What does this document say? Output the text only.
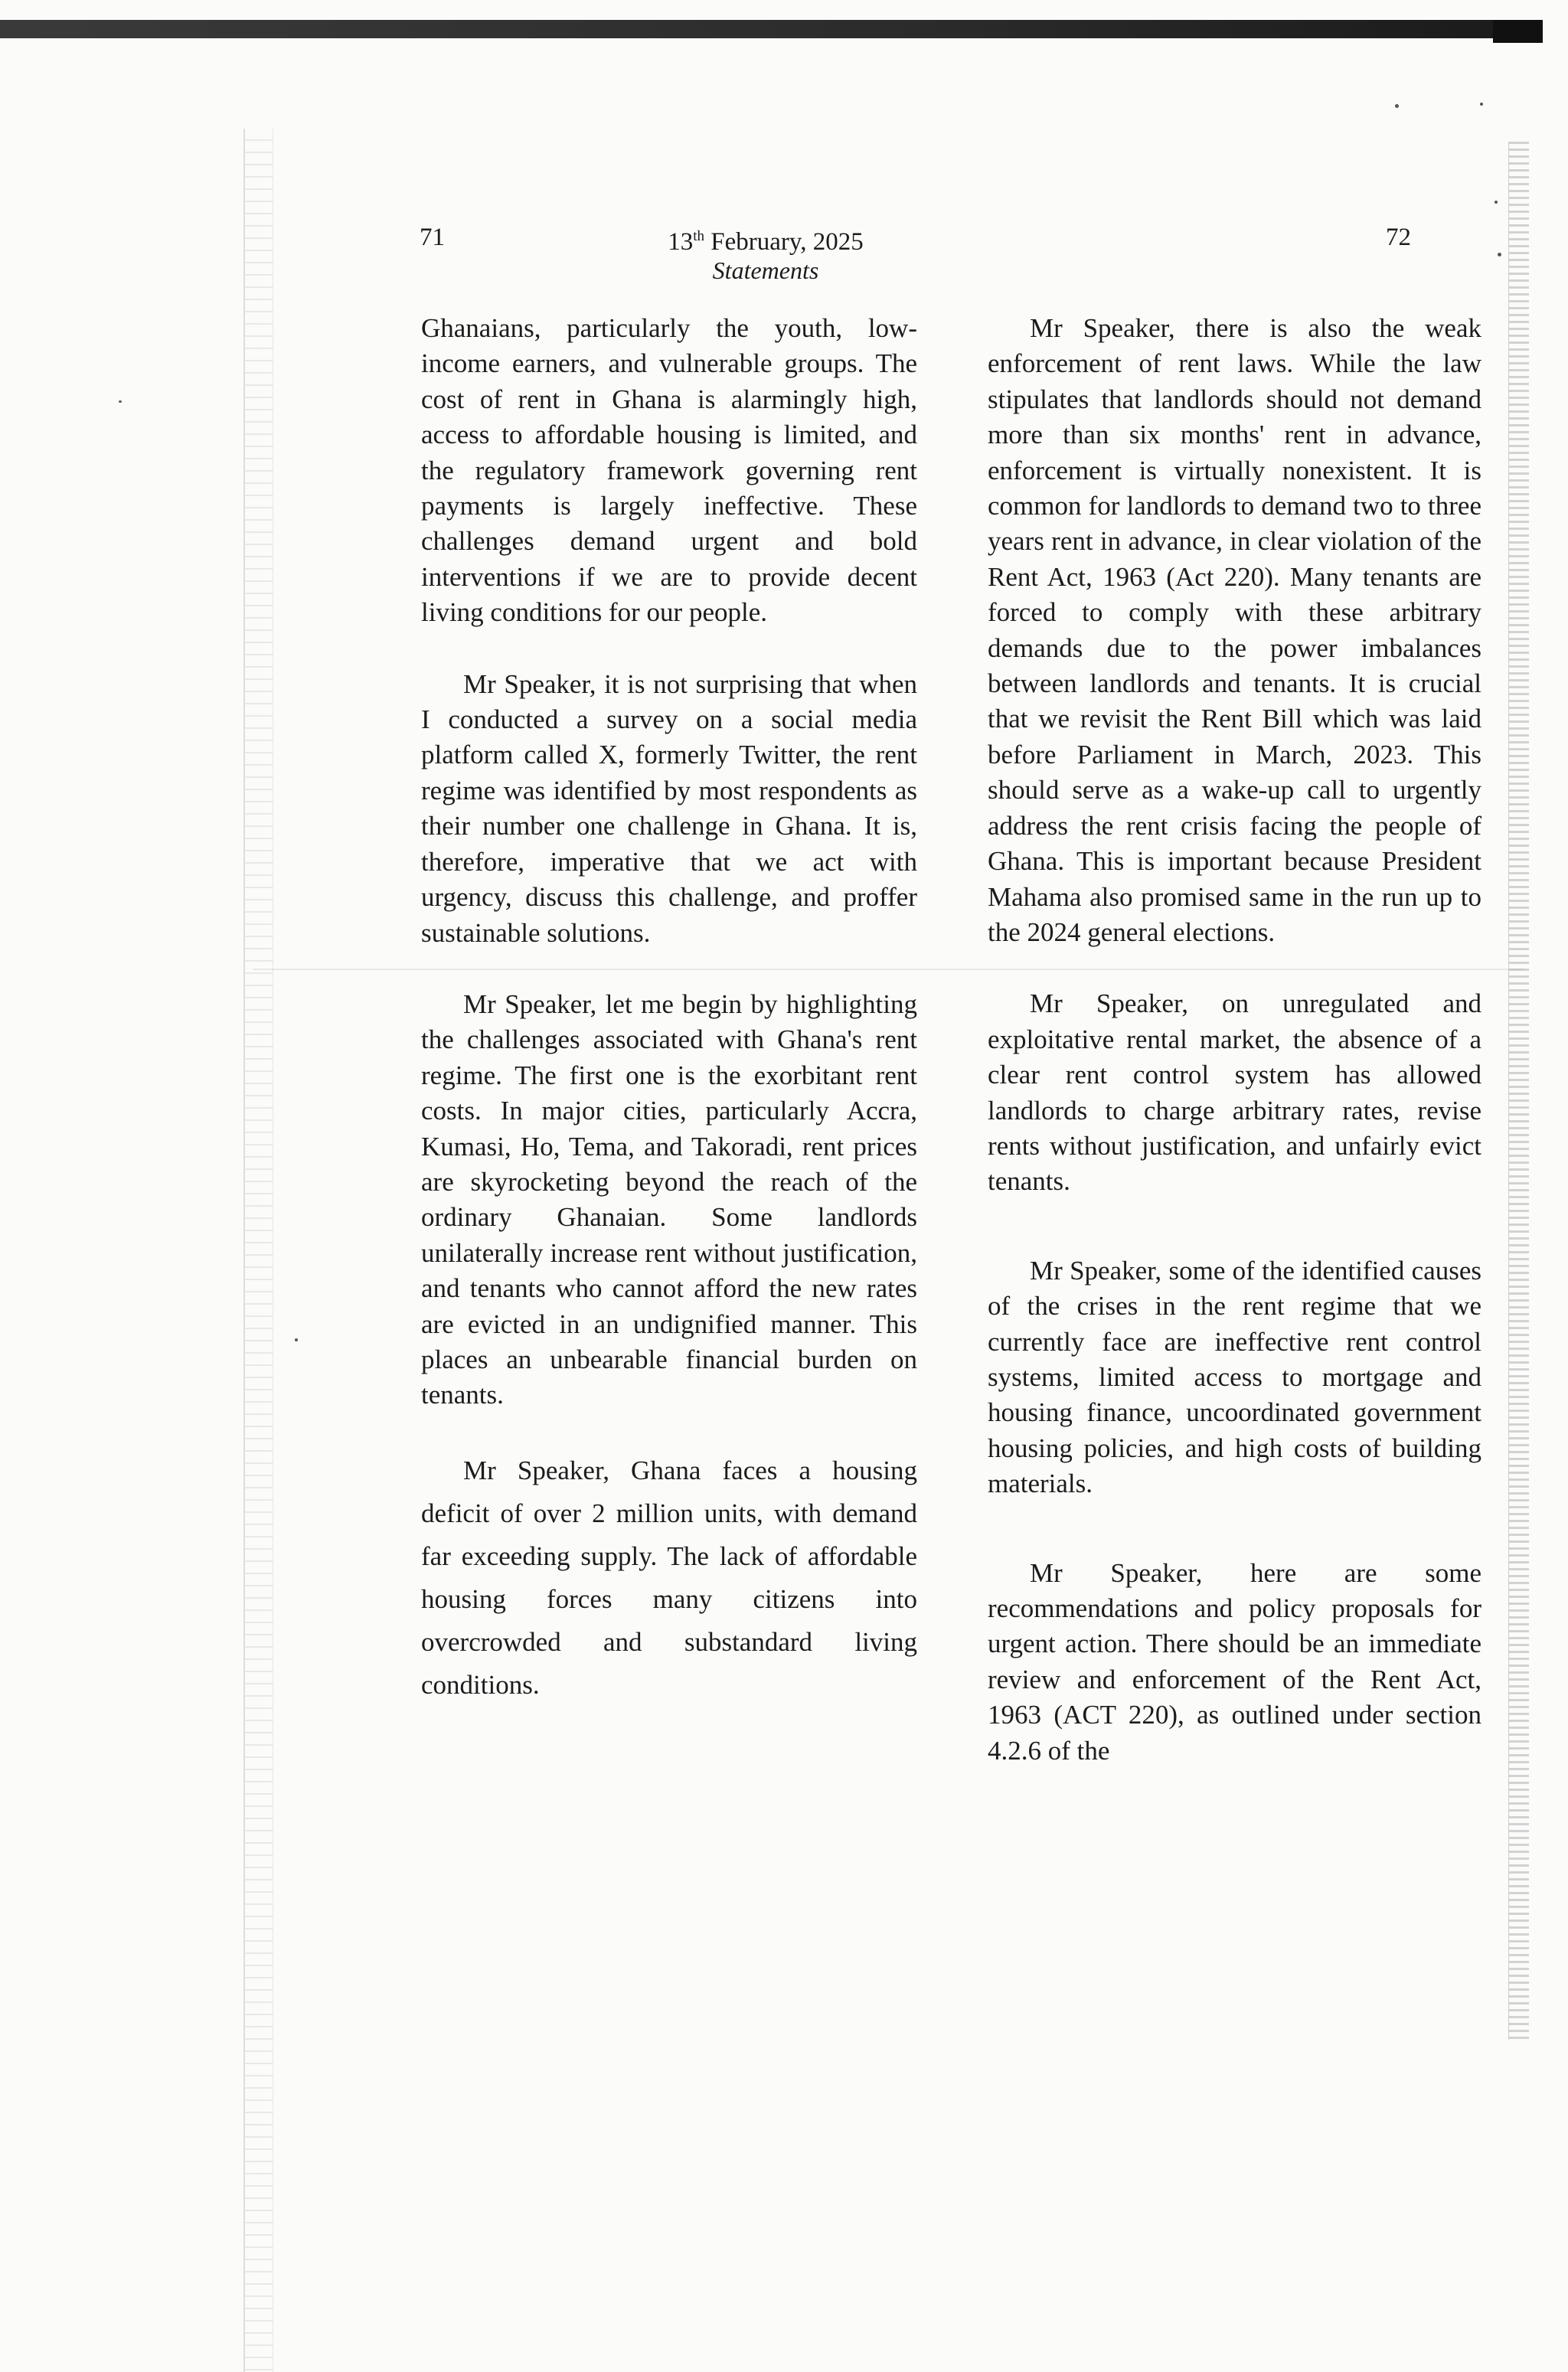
71	13th February, 2025
Statements
72

Ghanaians, particularly the youth, low-income earners, and vulnerable groups. The cost of rent in Ghana is alarmingly high, access to affordable housing is limited, and the regulatory framework governing rent payments is largely ineffective. These challenges demand urgent and bold interventions if we are to provide decent living conditions for our people.

Mr Speaker, it is not surprising that when I conducted a survey on a social media platform called X, formerly Twitter, the rent regime was identified by most respondents as their number one challenge in Ghana. It is, therefore, imperative that we act with urgency, discuss this challenge, and proffer sustainable solutions.

Mr Speaker, let me begin by highlighting the challenges associated with Ghana's rent regime. The first one is the exorbitant rent costs. In major cities, particularly Accra, Kumasi, Ho, Tema, and Takoradi, rent prices are skyrocketing beyond the reach of the ordinary Ghanaian. Some landlords unilaterally increase rent without justification, and tenants who cannot afford the new rates are evicted in an undignified manner. This places an unbearable financial burden on tenants.

Mr Speaker, Ghana faces a housing deficit of over 2 million units, with demand far exceeding supply. The lack of affordable housing forces many citizens into overcrowded and substandard living conditions.

Mr Speaker, there is also the weak enforcement of rent laws. While the law stipulates that landlords should not demand more than six months' rent in advance, enforcement is virtually nonexistent. It is common for landlords to demand two to three years rent in advance, in clear violation of the Rent Act, 1963 (Act 220). Many tenants are forced to comply with these arbitrary demands due to the power imbalances between landlords and tenants. It is crucial that we revisit the Rent Bill which was laid before Parliament in March, 2023. This should serve as a wake-up call to urgently address the rent crisis facing the people of Ghana. This is important because President Mahama also promised same in the run up to the 2024 general elections.

Mr Speaker, on unregulated and exploitative rental market, the absence of a clear rent control system has allowed landlords to charge arbitrary rates, revise rents without justification, and unfairly evict tenants.

Mr Speaker, some of the identified causes of the crises in the rent regime that we currently face are ineffective rent control systems, limited access to mortgage and housing finance, uncoordinated government housing policies, and high costs of building materials.

Mr Speaker, here are some recommendations and policy proposals for urgent action. There should be an immediate review and enforcement of the Rent Act, 1963 (ACT 220), as outlined under section 4.2.6 of the
